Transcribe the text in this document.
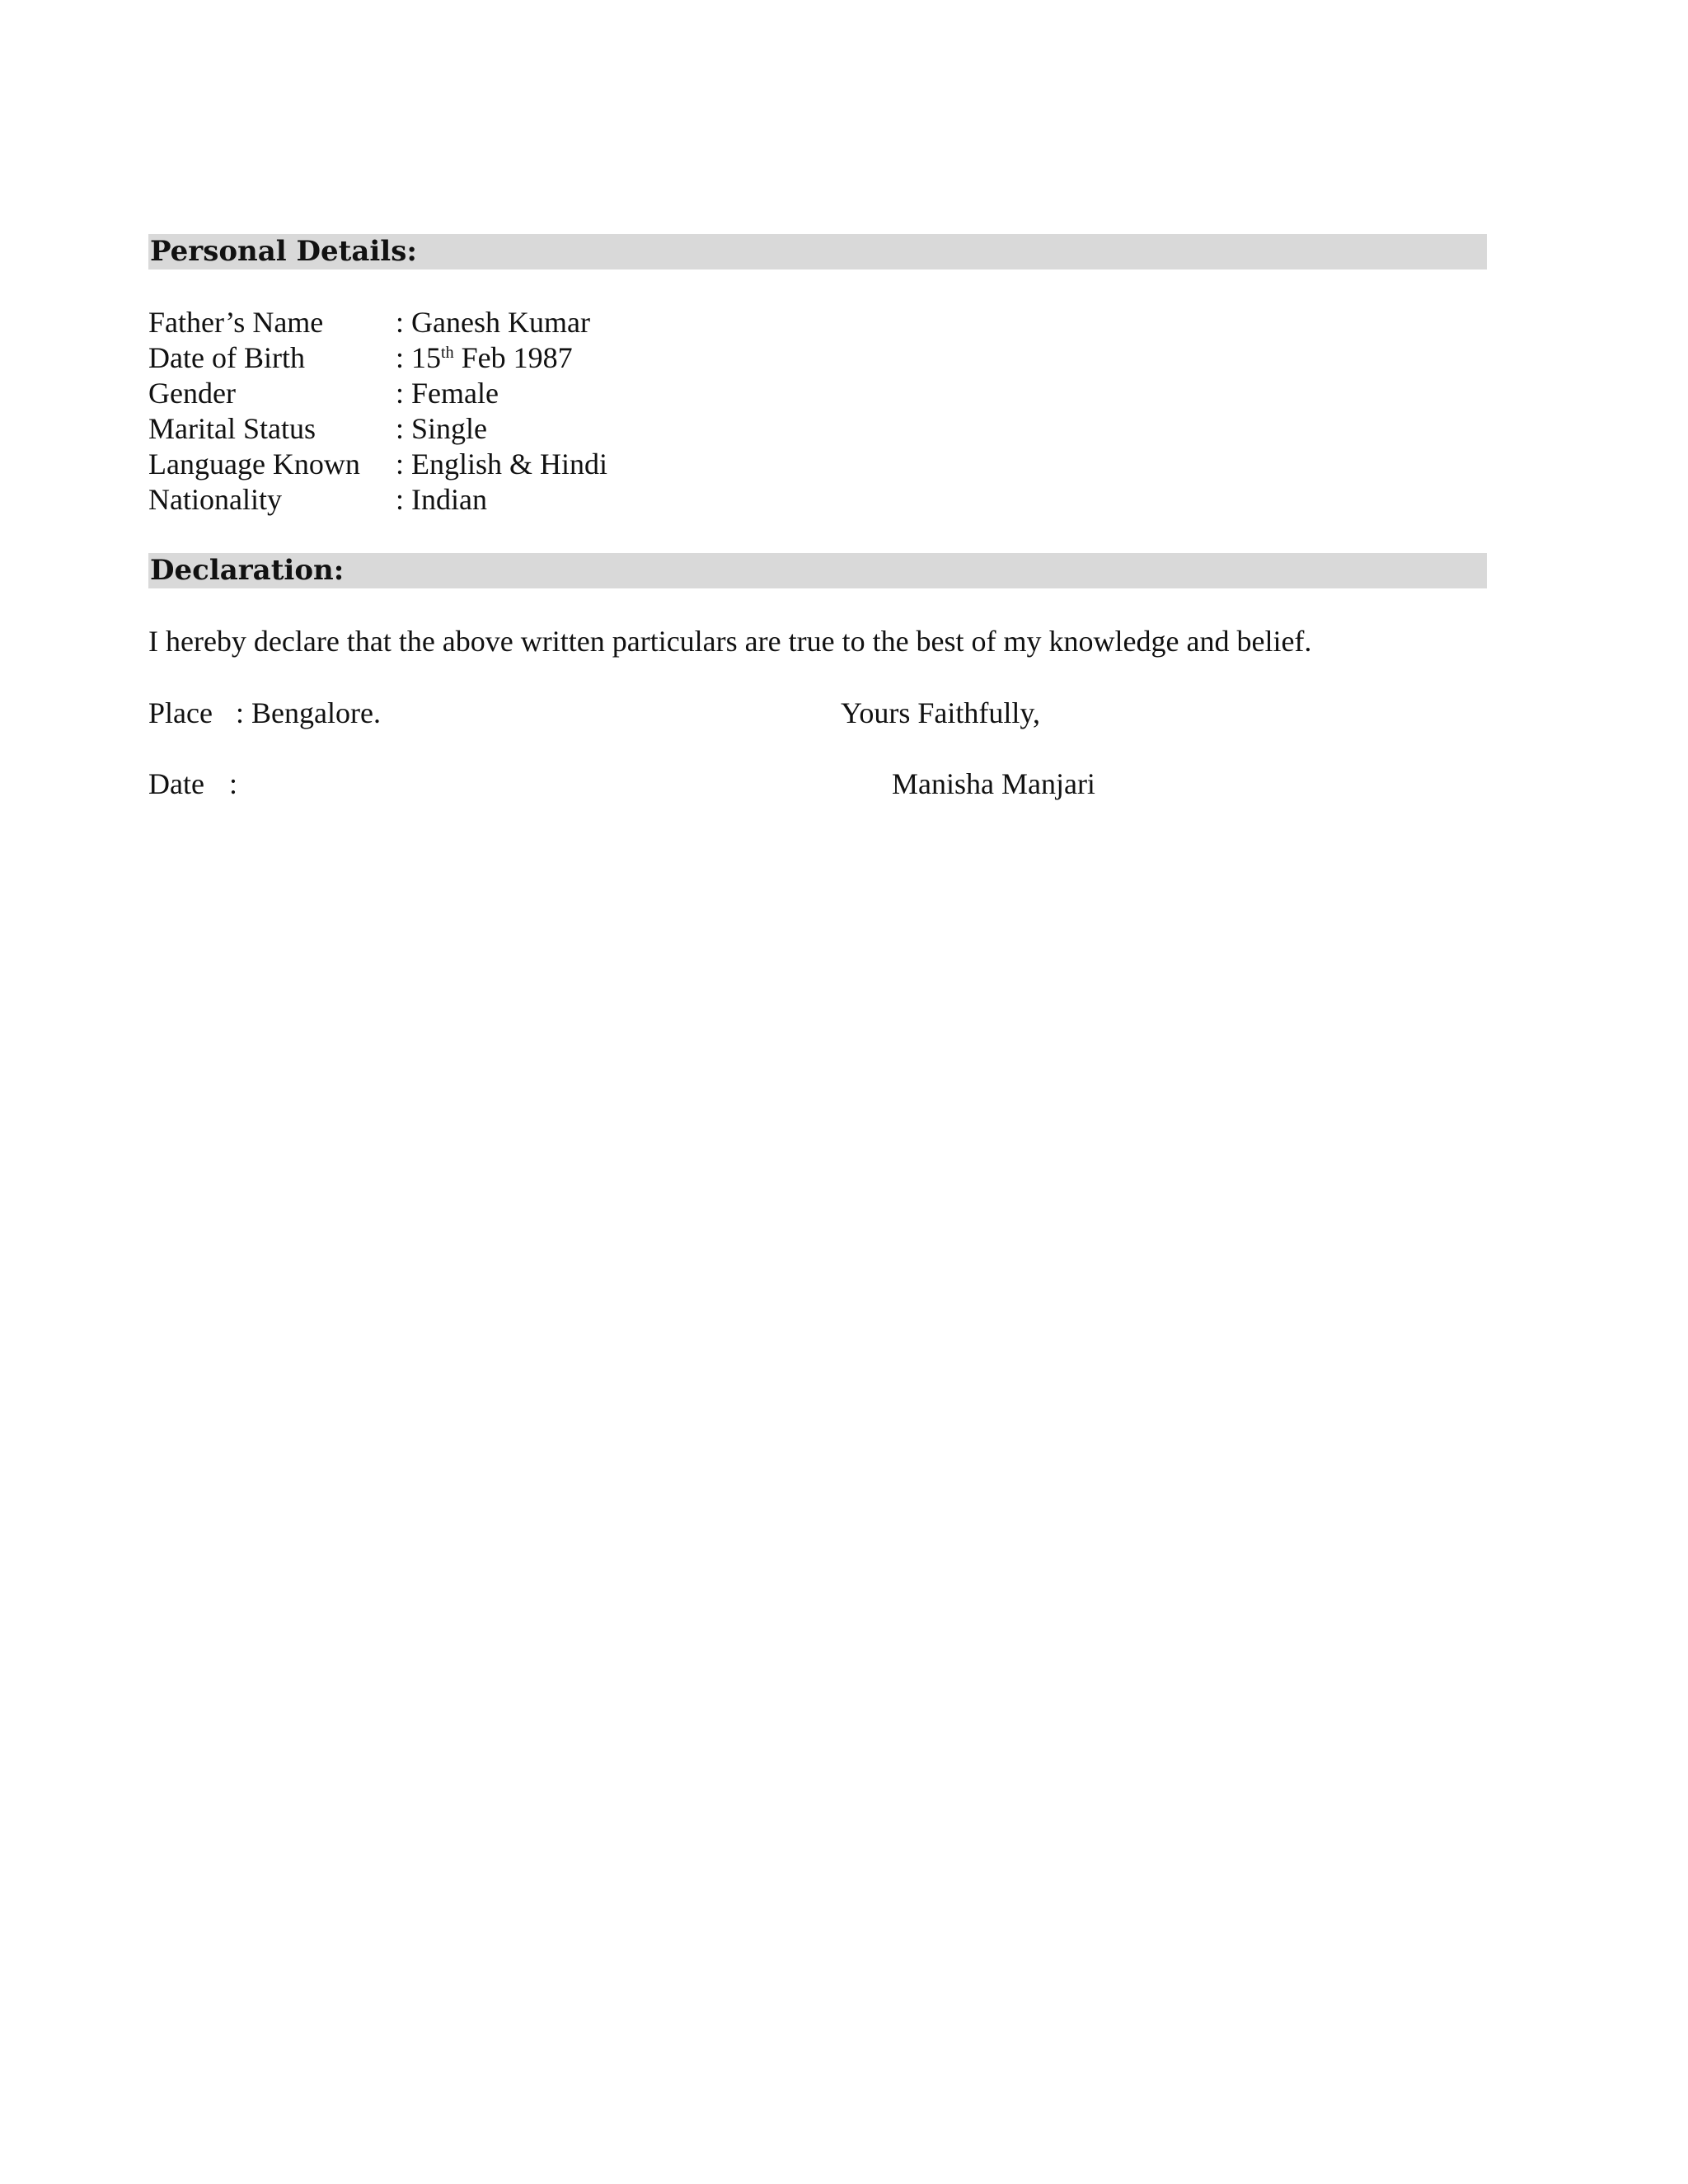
Personal Details:
Father’s Name : Ganesh Kumar
Date of Birth	: 15th Feb 1987
Gender	: Female
Marital Status	: Single
Language Known : English & Hindi
Nationality	: Indian
Declaration:
I hereby declare that the above written particulars are true to the best of my knowledge and belief.
Place : Bengalore.	Yours Faithfully,
Date :	Manisha Manjari
